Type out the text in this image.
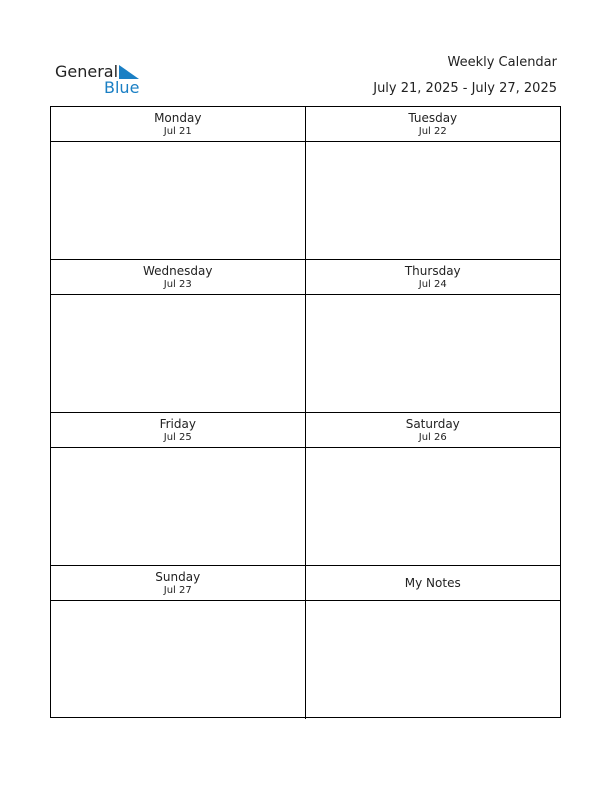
General
Blue
Weekly Calendar
July 21, 2025 - July 27, 2025
Monday
Jul 21
Tuesday
Jul 22
Wednesday
Jul 23
Thursday
Jul 24
Friday
Jul 25
Saturday
Jul 26
Sunday
Jul 27	My Notes
